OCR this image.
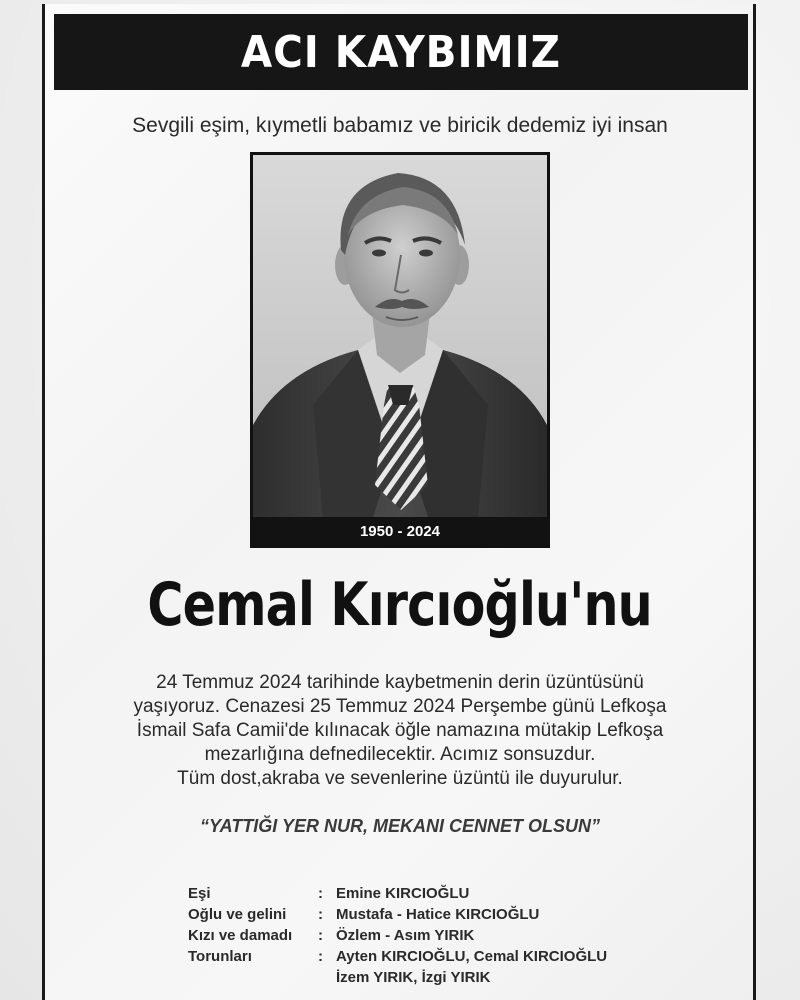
ACI KAYBIMIZ
Sevgili eşim, kıymetli babamız ve biricik dedemiz iyi insan
1950 - 2024
Cemal Kırcıoğlu'nu
24 Temmuz 2024 tarihinde kaybetmenin derin üzüntüsünü
yaşıyoruz. Cenazesi 25 Temmuz 2024 Perşembe günü Lefkoşa
İsmail Safa Camii'de kılınacak öğle namazına mütakip Lefkoşa
mezarlığına defnedilecektir. Acımız sonsuzdur.
Tüm dost,akraba ve sevenlerine üzüntü ile duyurulur.
“YATTIĞI YER NUR, MEKANI CENNET OLSUN”
Eşi	: Emine KIRCIOĞLU
Oğlu ve gelini	: Mustafa - Hatice KIRCIOĞLU
Kızı ve damadı	: Özlem - Asım YIRIK
Torunları	: Ayten KIRCIOĞLU, Cemal KIRCIOĞLU
İzem YIRIK, İzgi YIRIK
